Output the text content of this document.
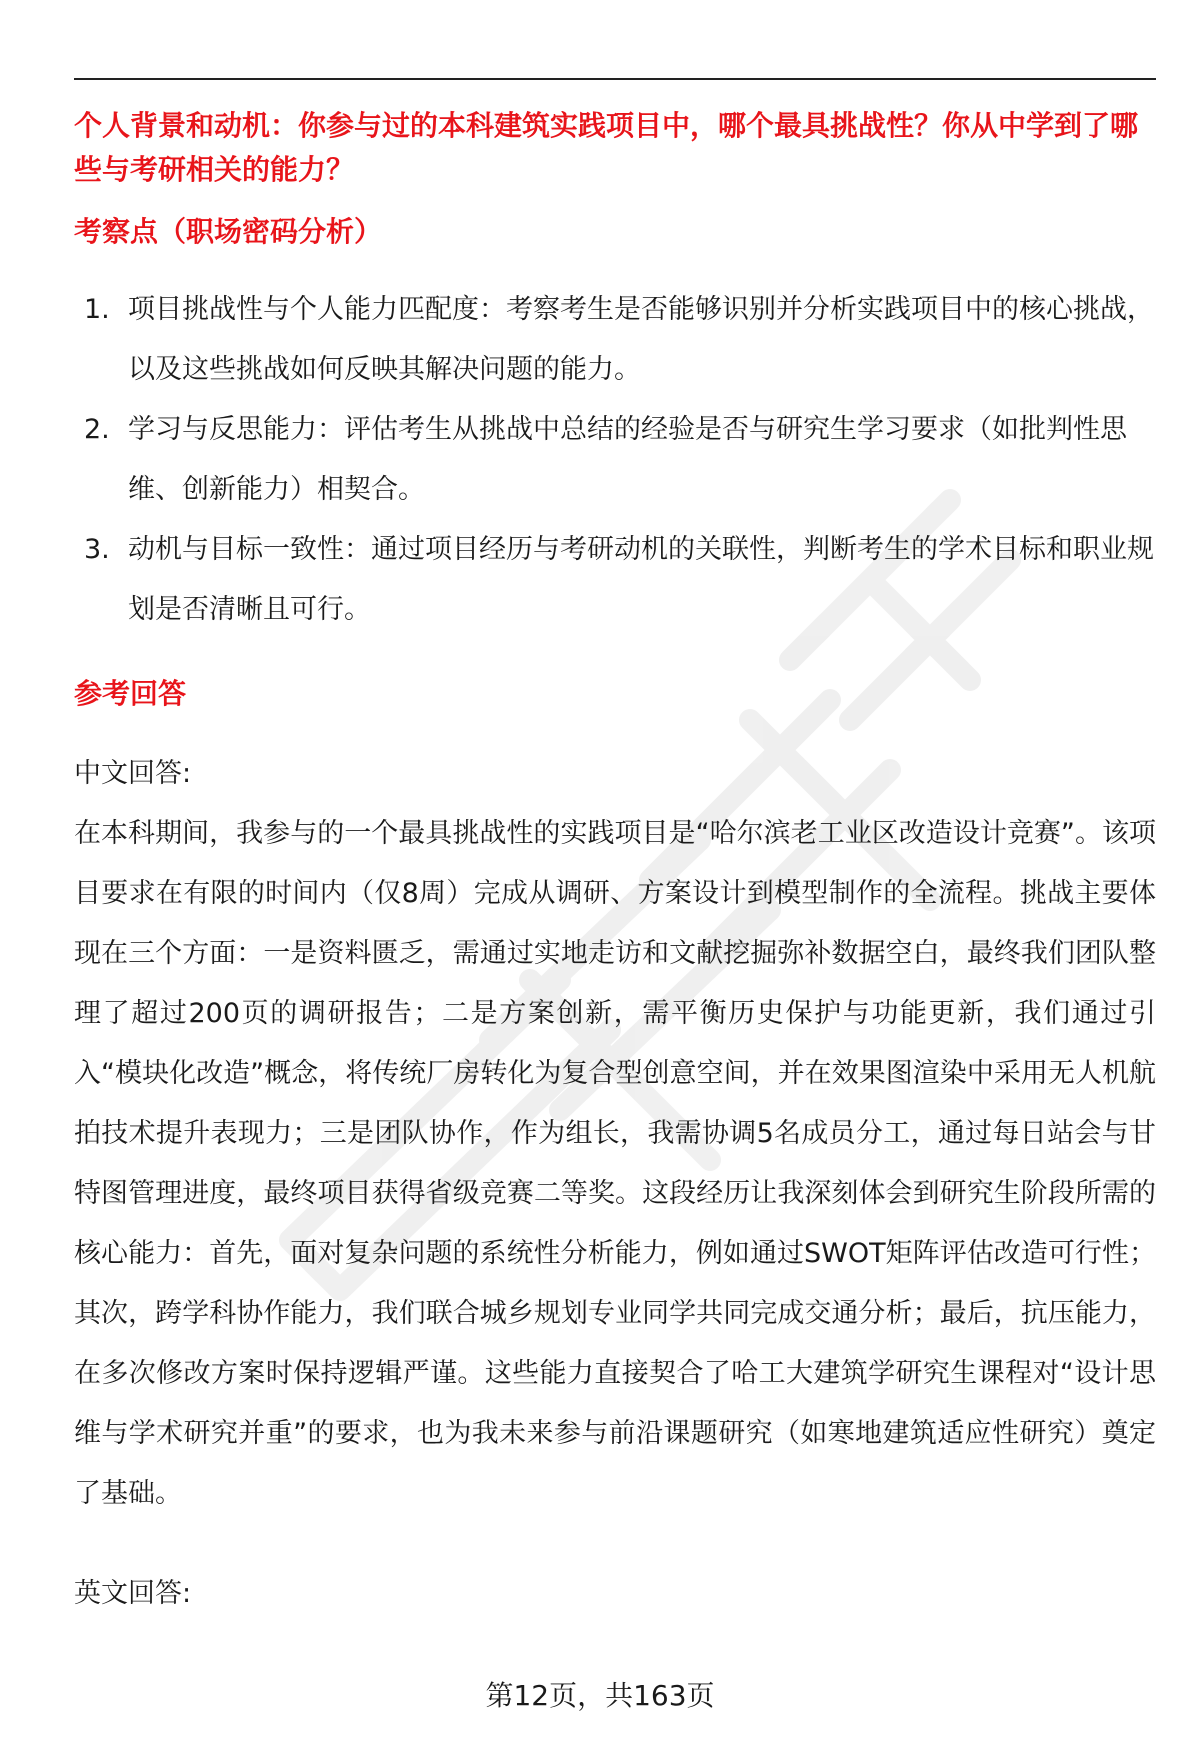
个人背景和动机：你参与过的本科建筑实践项目中，哪个最具挑战性？你从中学到了哪些与考研相关的能力？

考察点（职场密码分析）

1. 项目挑战性与个人能力匹配度：考察考生是否能够识别并分析实践项目中的核心挑战，以及这些挑战如何反映其解决问题的能力。
2. 学习与反思能力：评估考生从挑战中总结的经验是否与研究生学习要求（如批判性思维、创新能力）相契合。
3. 动机与目标一致性：通过项目经历与考研动机的关联性，判断考生的学术目标和职业规划是否清晰且可行。

参考回答

中文回答:

在本科期间，我参与的一个最具挑战性的实践项目是“哈尔滨老工业区改造设计竞赛”。该项目要求在有限的时间内（仅8周）完成从调研、方案设计到模型制作的全流程。挑战主要体现在三个方面：一是资料匮乏，需通过实地走访和文献挖掘弥补数据空白，最终我们团队整理了超过200页的调研报告；二是方案创新，需平衡历史保护与功能更新，我们通过引入“模块化改造”概念，将传统厂房转化为复合型创意空间，并在效果图渲染中采用无人机航拍技术提升表现力；三是团队协作，作为组长，我需协调5名成员分工，通过每日站会与甘特图管理进度，最终项目获得省级竞赛二等奖。这段经历让我深刻体会到研究生阶段所需的核心能力：首先，面对复杂问题的系统性分析能力，例如通过SWOT矩阵评估改造可行性；其次，跨学科协作能力，我们联合城乡规划专业同学共同完成交通分析；最后，抗压能力，在多次修改方案时保持逻辑严谨。这些能力直接契合了哈工大建筑学研究生课程对“设计思维与学术研究并重”的要求，也为我未来参与前沿课题研究（如寒地建筑适应性研究）奠定了基础。

英文回答:

第12页，共163页
